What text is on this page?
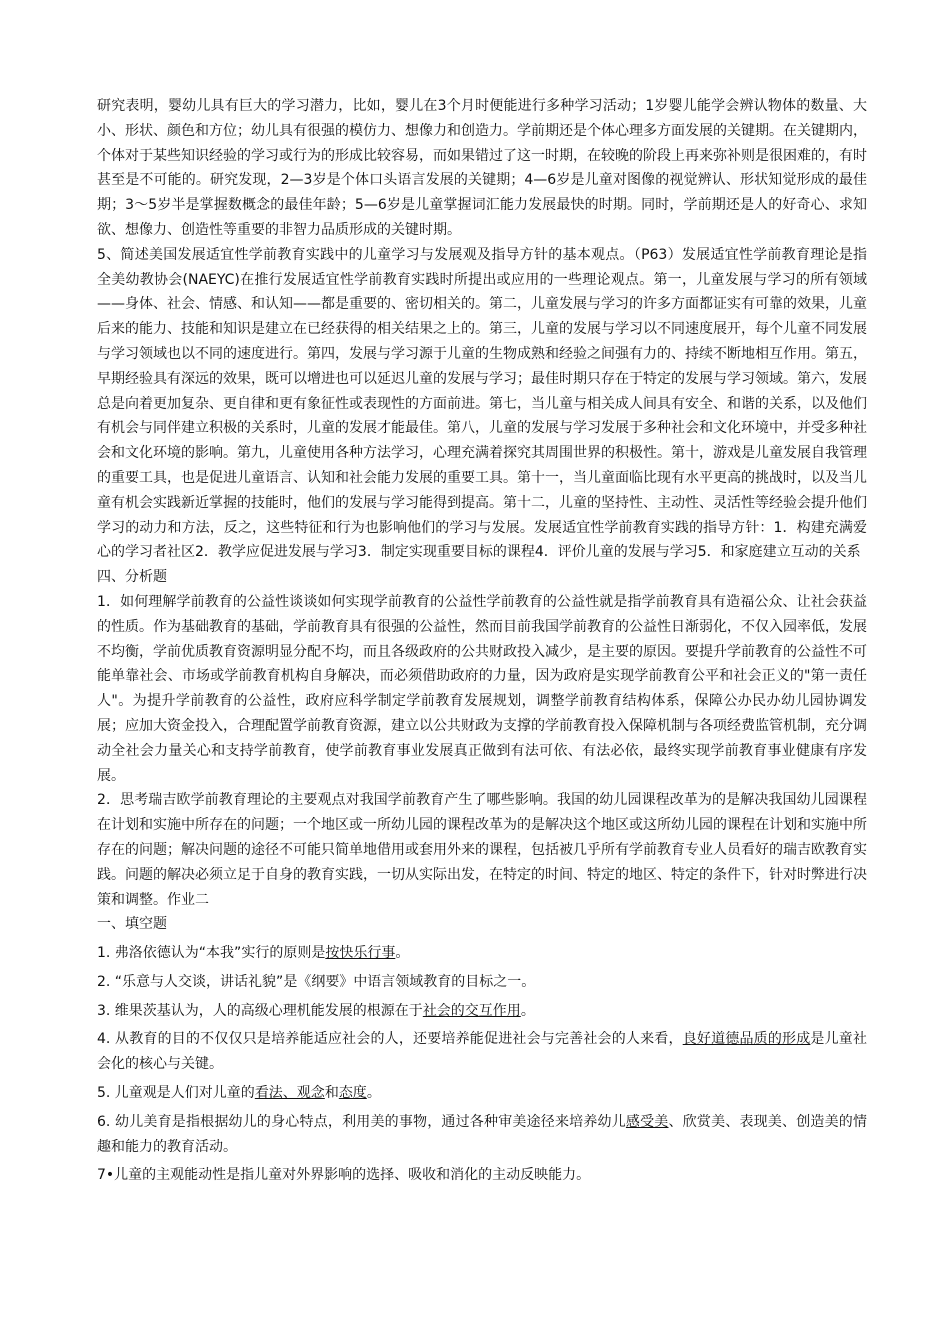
研究表明，婴幼儿具有巨大的学习潜力，比如，婴儿在3个月时便能进行多种学习活动；1岁婴儿能学会辨认物体的数量、大小、形状、颜色和方位；幼儿具有很强的模仿力、想像力和创造力。学前期还是个体心理多方面发展的关键期。在关键期内，个体对于某些知识经验的学习或行为的形成比较容易，而如果错过了这一时期，在较晚的阶段上再来弥补则是很困难的，有时甚至是不可能的。研究发现，2—3岁是个体口头语言发展的关键期；4—6岁是儿童对图像的视觉辨认、形状知觉形成的最佳期；3～5岁半是掌握数概念的最佳年龄；5—6岁是儿童掌握词汇能力发展最快的时期。同时，学前期还是人的好奇心、求知欲、想像力、创造性等重要的非智力品质形成的关键时期。

5、简述美国发展适宜性学前教育实践中的儿童学习与发展观及指导方针的基本观点。（P63）发展适宜性学前教育理论是指全美幼教协会(NAEYC)在推行发展适宜性学前教育实践时所提出或应用的一些理论观点。第一，儿童发展与学习的所有领域——身体、社会、情感、和认知——都是重要的、密切相关的。第二，儿童发展与学习的许多方面都证实有可靠的效果，儿童后来的能力、技能和知识是建立在已经获得的相关结果之上的。第三，儿童的发展与学习以不同速度展开，每个儿童不同发展与学习领域也以不同的速度进行。第四，发展与学习源于儿童的生物成熟和经验之间强有力的、持续不断地相互作用。第五，早期经验具有深远的效果，既可以增进也可以延迟儿童的发展与学习；最佳时期只存在于特定的发展与学习领域。第六，发展总是向着更加复杂、更自律和更有象征性或表现性的方面前进。第七，当儿童与相关成人间具有安全、和谐的关系，以及他们有机会与同伴建立积极的关系时，儿童的发展才能最佳。第八，儿童的发展与学习发展于多种社会和文化环境中，并受多种社会和文化环境的影响。第九，儿童使用各种方法学习，心理充满着探究其周围世界的积极性。第十，游戏是儿童发展自我管理的重要工具，也是促进儿童语言、认知和社会能力发展的重要工具。第十一，当儿童面临比现有水平更高的挑战时，以及当儿童有机会实践新近掌握的技能时，他们的发展与学习能得到提高。第十二，儿童的坚持性、主动性、灵活性等经验会提升他们学习的动力和方法，反之，这些特征和行为也影响他们的学习与发展。发展适宜性学前教育实践的指导方针：1．构建充满爱心的学习者社区2．教学应促进发展与学习3．制定实现重要目标的课程4．评价儿童的发展与学习5．和家庭建立互动的关系

四、分析题

1．如何理解学前教育的公益性谈谈如何实现学前教育的公益性学前教育的公益性就是指学前教育具有造福公众、让社会获益的性质。作为基础教育的基础，学前教育具有很强的公益性，然而目前我国学前教育的公益性日渐弱化，不仅入园率低，发展不均衡，学前优质教育资源明显分配不均，而且各级政府的公共财政投入减少，是主要的原因。要提升学前教育的公益性不可能单靠社会、市场或学前教育机构自身解决，而必须借助政府的力量，因为政府是实现学前教育公平和社会正义的"第一责任人"。为提升学前教育的公益性，政府应科学制定学前教育发展规划，调整学前教育结构体系，保障公办民办幼儿园协调发展；应加大资金投入，合理配置学前教育资源，建立以公共财政为支撑的学前教育投入保障机制与各项经费监管机制，充分调动全社会力量关心和支持学前教育，使学前教育事业发展真正做到有法可依、有法必依，最终实现学前教育事业健康有序发展。

2．思考瑞吉欧学前教育理论的主要观点对我国学前教育产生了哪些影响。我国的幼儿园课程改革为的是解决我国幼儿园课程在计划和实施中所存在的问题；一个地区或一所幼儿园的课程改革为的是解决这个地区或这所幼儿园的课程在计划和实施中所存在的问题；解决问题的途径不可能只简单地借用或套用外来的课程，包括被几乎所有学前教育专业人员看好的瑞吉欧教育实践。问题的解决必须立足于自身的教育实践，一切从实际出发，在特定的时间、特定的地区、特定的条件下，针对时弊进行决策和调整。作业二

一、填空题

1. 弗洛依德认为“本我”实行的原则是按快乐行事。

2. “乐意与人交谈，讲话礼貌”是《纲要》中语言领域教育的目标之一。

3. 维果茨基认为，人的高级心理机能发展的根源在于社会的交互作用。

4. 从教育的目的不仅仅只是培养能适应社会的人，还要培养能促进社会与完善社会的人来看，良好道德品质的形成是儿童社会化的核心与关键。

5. 儿童观是人们对儿童的看法、观念和态度。

6. 幼儿美育是指根据幼儿的身心特点，利用美的事物，通过各种审美途径来培养幼儿感受美、欣赏美、表现美、创造美的情趣和能力的教育活动。

7•儿童的主观能动性是指儿童对外界影响的选择、吸收和消化的主动反映能力。
